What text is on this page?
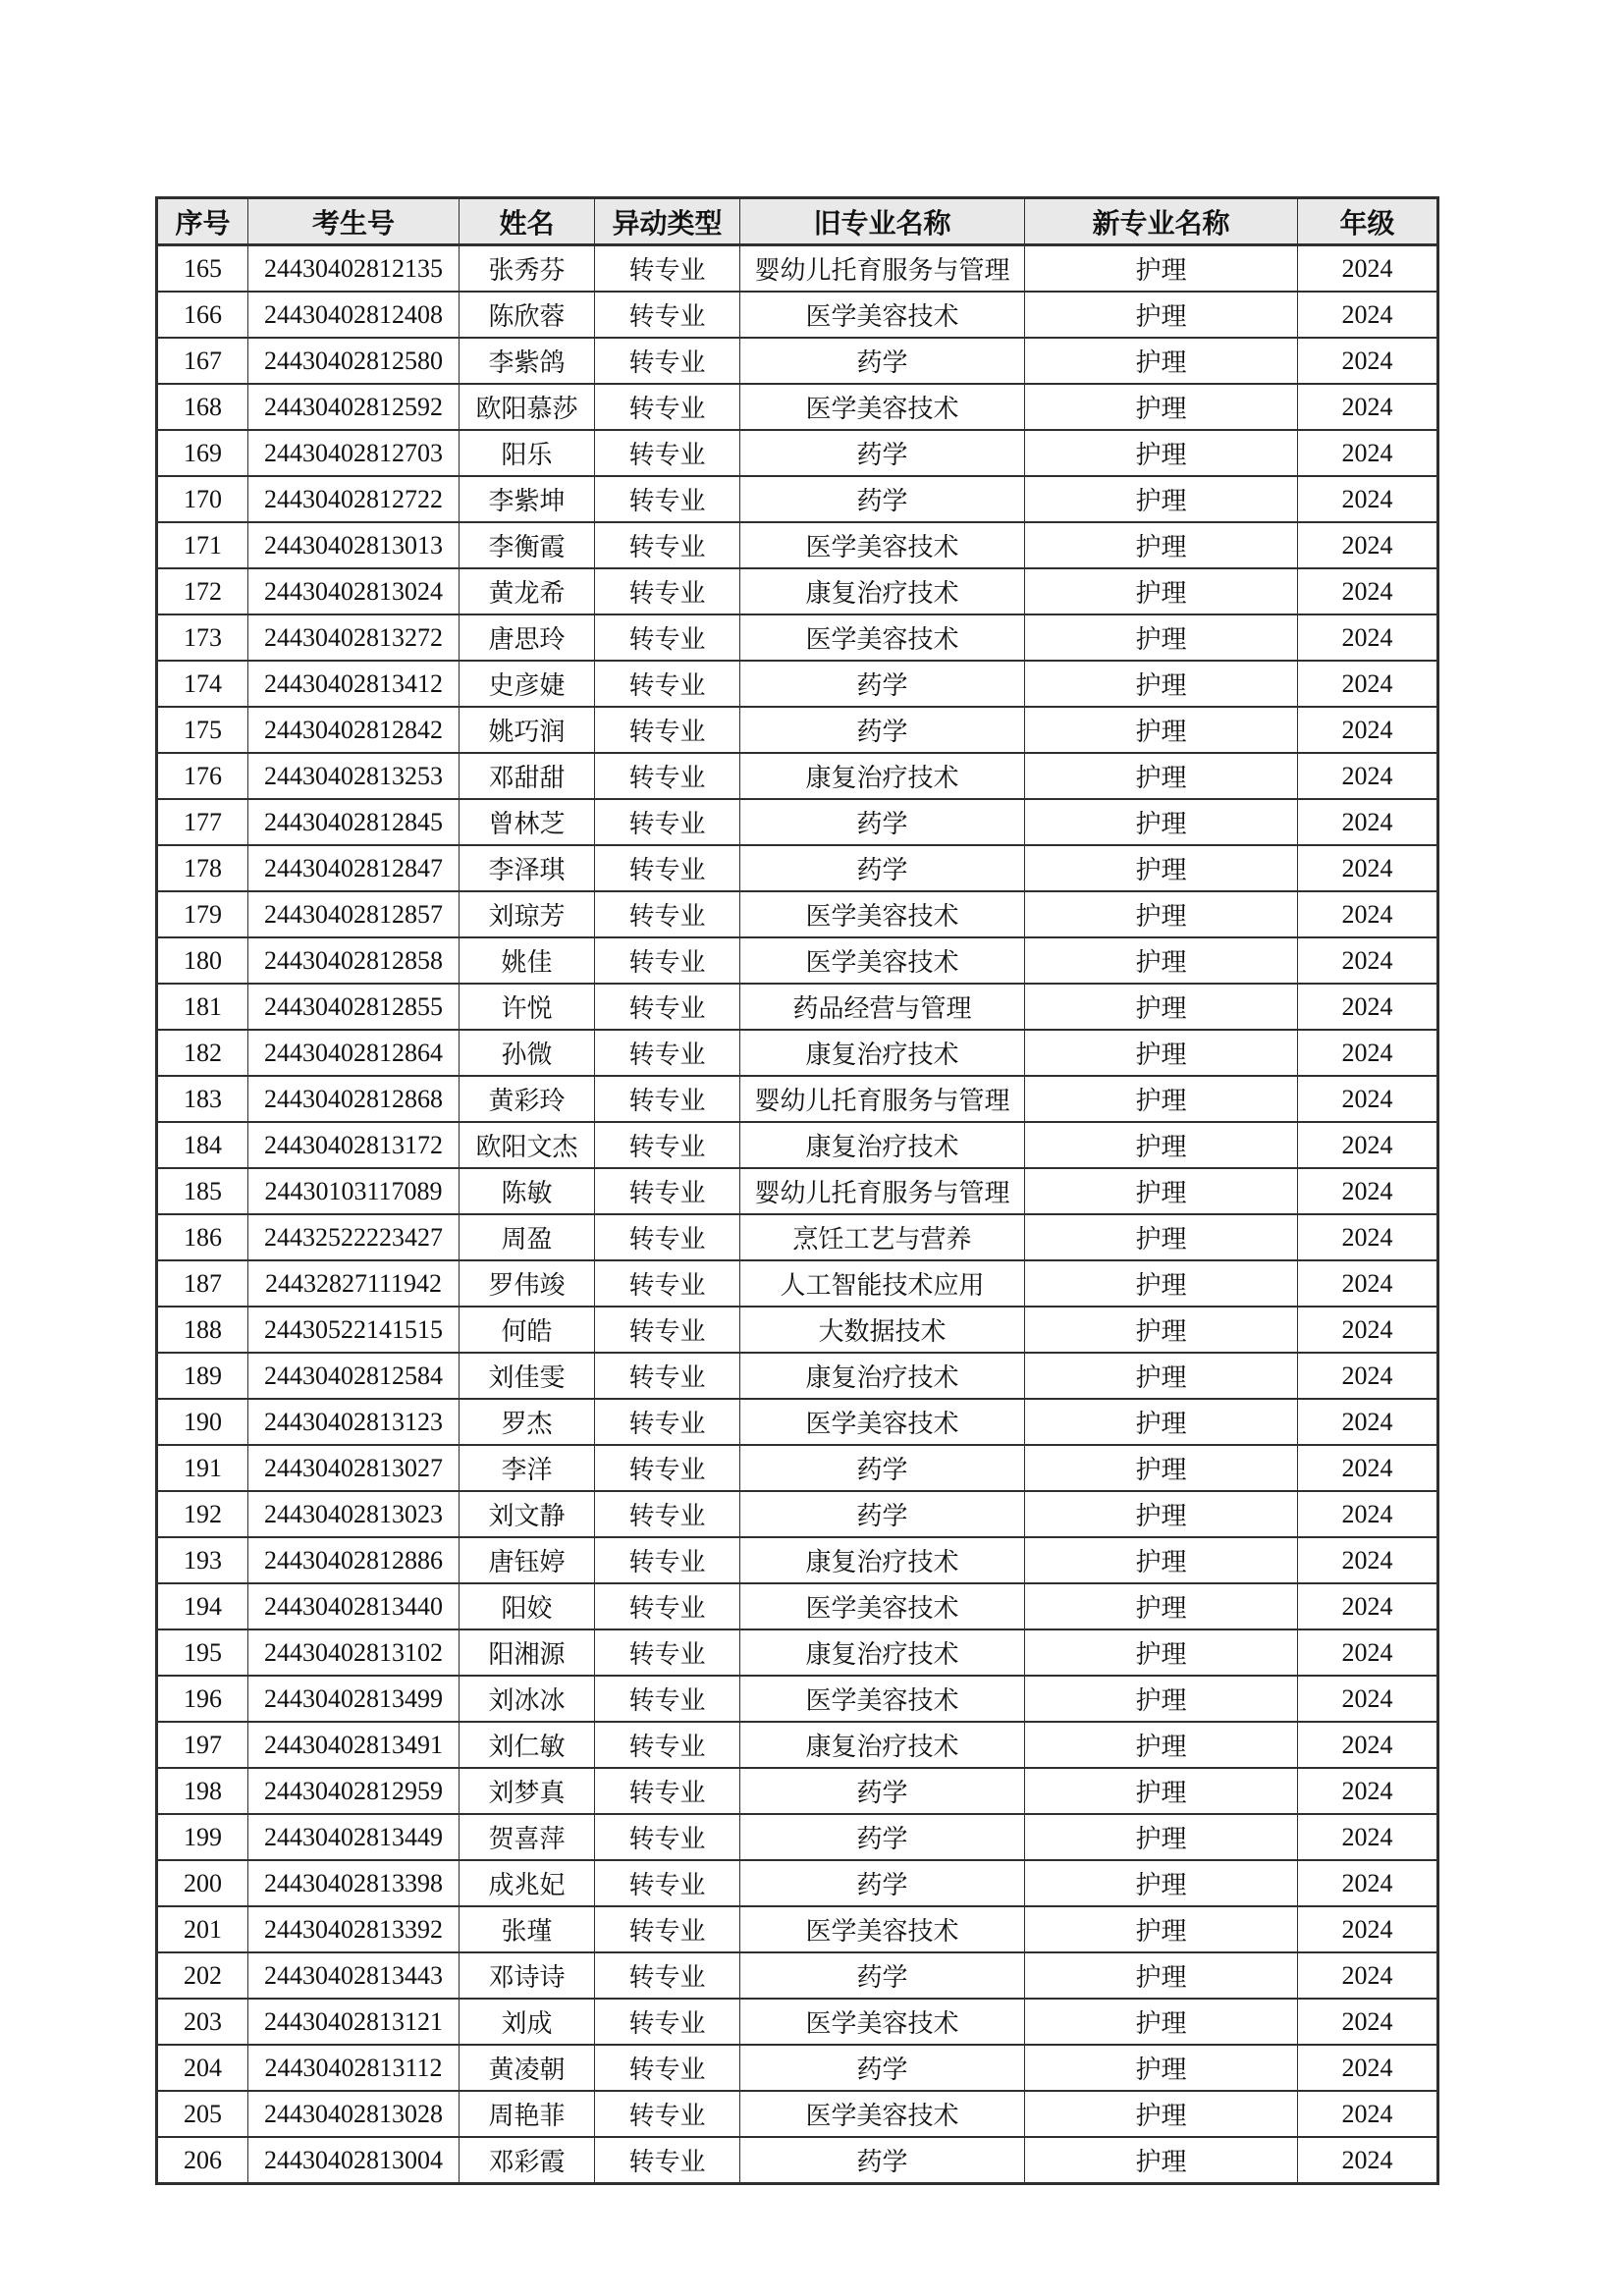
序号	考生号	姓名	异动类型	旧专业名称	新专业名称	年级
165	24430402812135	张秀芬	转专业	婴幼儿托育服务与管理	护理	2024
166	24430402812408	陈欣蓉	转专业	医学美容技术	护理	2024
167	24430402812580	李紫鸽	转专业	药学	护理	2024
168	24430402812592	欧阳慕莎	转专业	医学美容技术	护理	2024
169	24430402812703	阳乐	转专业	药学	护理	2024
170	24430402812722	李紫坤	转专业	药学	护理	2024
171	24430402813013	李衡霞	转专业	医学美容技术	护理	2024
172	24430402813024	黄龙希	转专业	康复治疗技术	护理	2024
173	24430402813272	唐思玲	转专业	医学美容技术	护理	2024
174	24430402813412	史彦婕	转专业	药学	护理	2024
175	24430402812842	姚巧润	转专业	药学	护理	2024
176	24430402813253	邓甜甜	转专业	康复治疗技术	护理	2024
177	24430402812845	曾林芝	转专业	药学	护理	2024
178	24430402812847	李泽琪	转专业	药学	护理	2024
179	24430402812857	刘琼芳	转专业	医学美容技术	护理	2024
180	24430402812858	姚佳	转专业	医学美容技术	护理	2024
181	24430402812855	许悦	转专业	药品经营与管理	护理	2024
182	24430402812864	孙微	转专业	康复治疗技术	护理	2024
183	24430402812868	黄彩玲	转专业	婴幼儿托育服务与管理	护理	2024
184	24430402813172	欧阳文杰	转专业	康复治疗技术	护理	2024
185	24430103117089	陈敏	转专业	婴幼儿托育服务与管理	护理	2024
186	24432522223427	周盈	转专业	烹饪工艺与营养	护理	2024
187	24432827111942	罗伟竣	转专业	人工智能技术应用	护理	2024
188	24430522141515	何皓	转专业	大数据技术	护理	2024
189	24430402812584	刘佳雯	转专业	康复治疗技术	护理	2024
190	24430402813123	罗杰	转专业	医学美容技术	护理	2024
191	24430402813027	李洋	转专业	药学	护理	2024
192	24430402813023	刘文静	转专业	药学	护理	2024
193	24430402812886	唐钰婷	转专业	康复治疗技术	护理	2024
194	24430402813440	阳姣	转专业	医学美容技术	护理	2024
195	24430402813102	阳湘源	转专业	康复治疗技术	护理	2024
196	24430402813499	刘冰冰	转专业	医学美容技术	护理	2024
197	24430402813491	刘仁敏	转专业	康复治疗技术	护理	2024
198	24430402812959	刘梦真	转专业	药学	护理	2024
199	24430402813449	贺喜萍	转专业	药学	护理	2024
200	24430402813398	成兆妃	转专业	药学	护理	2024
201	24430402813392	张瑾	转专业	医学美容技术	护理	2024
202	24430402813443	邓诗诗	转专业	药学	护理	2024
203	24430402813121	刘成	转专业	医学美容技术	护理	2024
204	24430402813112	黄凌朝	转专业	药学	护理	2024
205	24430402813028	周艳菲	转专业	医学美容技术	护理	2024
206	24430402813004	邓彩霞	转专业	药学	护理	2024
